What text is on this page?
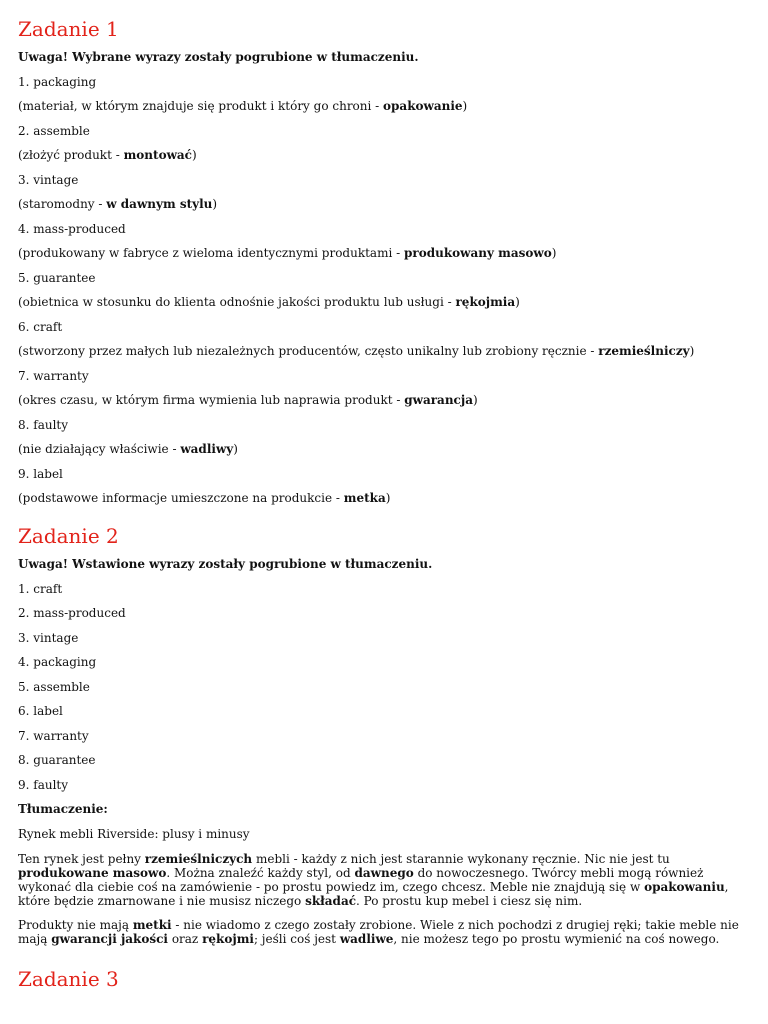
Zadanie 1

Uwaga! Wybrane wyrazy zostały pogrubione w tłumaczeniu.

1. packaging

(materiał, w którym znajduje się produkt i który go chroni - opakowanie)

2. assemble

(złożyć produkt - montować)

3. vintage

(staromodny - w dawnym stylu)

4. mass-produced

(produkowany w fabryce z wieloma identycznymi produktami - produkowany masowo)

5. guarantee

(obietnica w stosunku do klienta odnośnie jakości produktu lub usługi - rękojmia)

6. craft

(stworzony przez małych lub niezależnych producentów, często unikalny lub zrobiony ręcznie - rzemieślniczy)

7. warranty

(okres czasu, w którym firma wymienia lub naprawia produkt - gwarancja)

8. faulty

(nie działający właściwie - wadliwy)

9. label

(podstawowe informacje umieszczone na produkcie - metka)

Zadanie 2

Uwaga! Wstawione wyrazy zostały pogrubione w tłumaczeniu.

1. craft

2. mass-produced

3. vintage

4. packaging

5. assemble

6. label

7. warranty

8. guarantee

9. faulty

Tłumaczenie:

Rynek mebli Riverside: plusy i minusy

Ten rynek jest pełny rzemieślniczych mebli - każdy z nich jest starannie wykonany ręcznie. Nic nie jest tu produkowane masowo. Można znaleźć każdy styl, od dawnego do nowoczesnego. Twórcy mebli mogą również wykonać dla ciebie coś na zamówienie - po prostu powiedz im, czego chcesz. Meble nie znajdują się w opakowaniu, które będzie zmarnowane i nie musisz niczego składać. Po prostu kup mebel i ciesz się nim.

Produkty nie mają metki - nie wiadomo z czego zostały zrobione. Wiele z nich pochodzi z drugiej ręki; takie meble nie mają gwarancji jakości oraz rękojmi; jeśli coś jest wadliwe, nie możesz tego po prostu wymienić na coś nowego.

Zadanie 3
